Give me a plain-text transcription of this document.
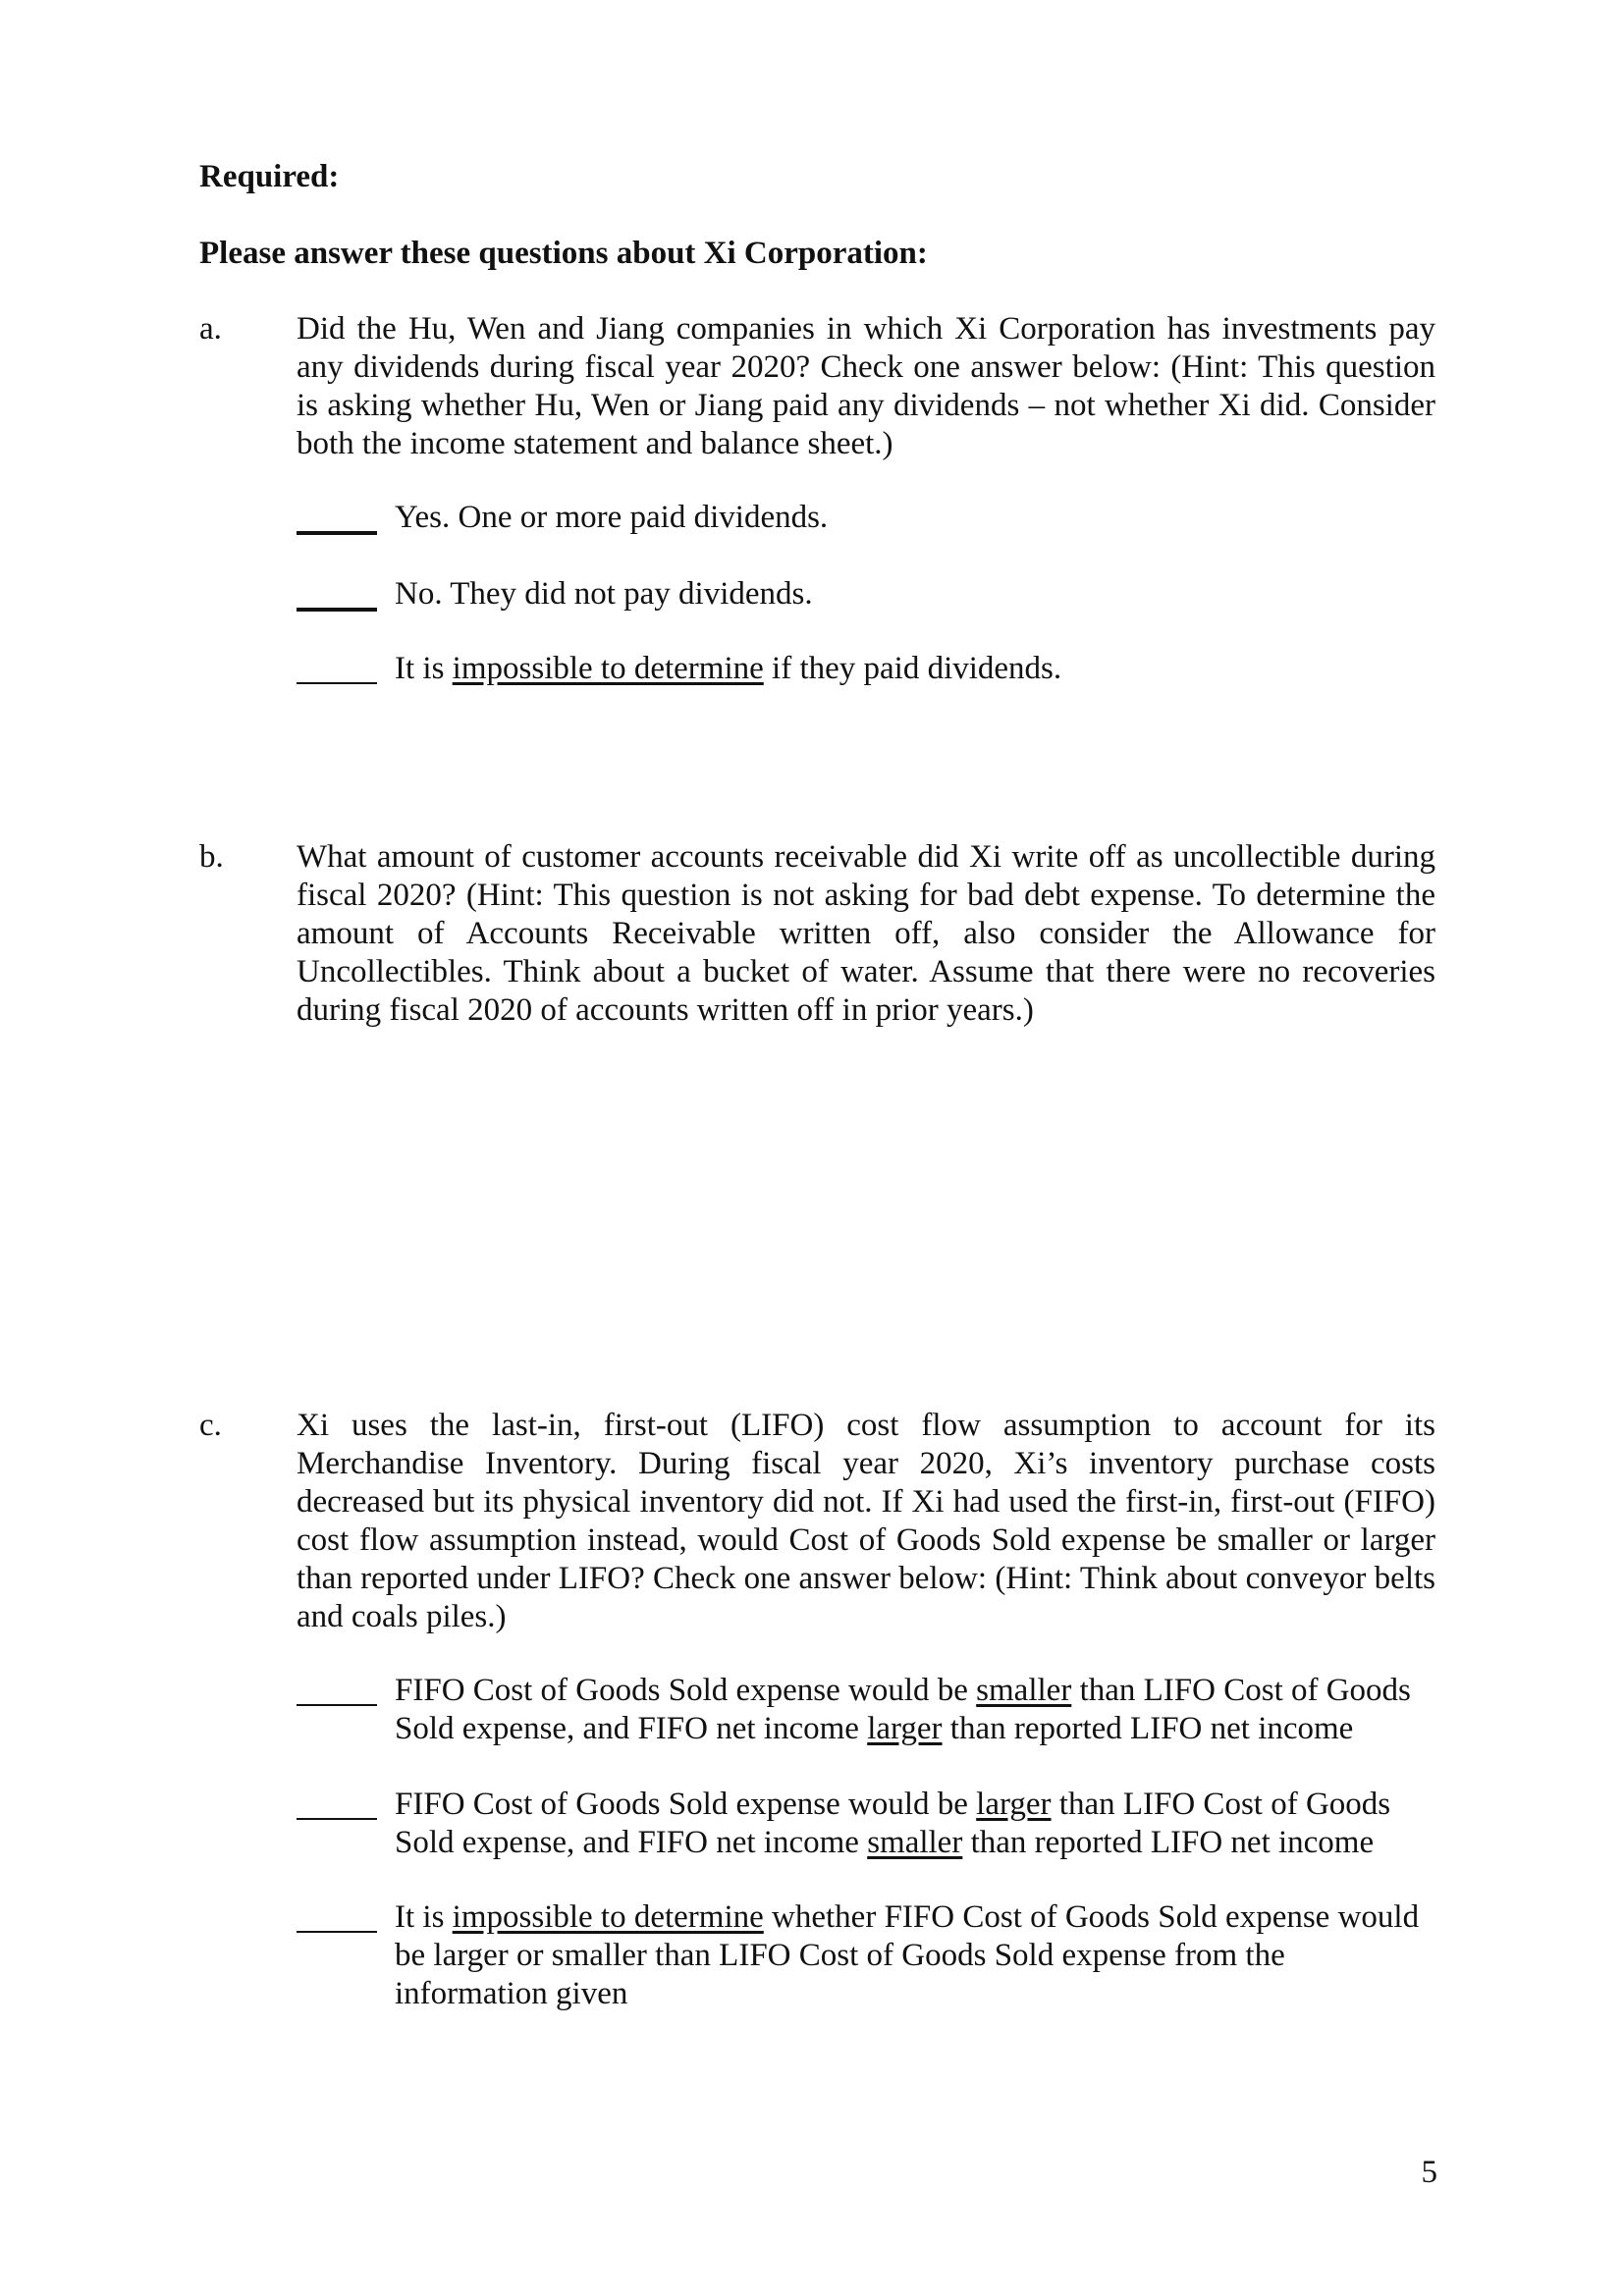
Required:
Please answer these questions about Xi Corporation:
a. Did the Hu, Wen and Jiang companies in which Xi Corporation has investments pay any dividends during fiscal year 2020? Check one answer below: (Hint: This question is asking whether Hu, Wen or Jiang paid any dividends – not whether Xi did. Consider both the income statement and balance sheet.)
Yes. One or more paid dividends.
No. They did not pay dividends.
It is impossible to determine if they paid dividends.
b. What amount of customer accounts receivable did Xi write off as uncollectible during fiscal 2020? (Hint: This question is not asking for bad debt expense. To determine the amount of Accounts Receivable written off, also consider the Allowance for Uncollectibles. Think about a bucket of water. Assume that there were no recoveries during fiscal 2020 of accounts written off in prior years.)
c. Xi uses the last-in, first-out (LIFO) cost flow assumption to account for its Merchandise Inventory. During fiscal year 2020, Xi’s inventory purchase costs decreased but its physical inventory did not. If Xi had used the first-in, first-out (FIFO) cost flow assumption instead, would Cost of Goods Sold expense be smaller or larger than reported under LIFO? Check one answer below: (Hint: Think about conveyor belts and coals piles.)
FIFO Cost of Goods Sold expense would be smaller than LIFO Cost of Goods Sold expense, and FIFO net income larger than reported LIFO net income
FIFO Cost of Goods Sold expense would be larger than LIFO Cost of Goods Sold expense, and FIFO net income smaller than reported LIFO net income
It is impossible to determine whether FIFO Cost of Goods Sold expense would be larger or smaller than LIFO Cost of Goods Sold expense from the information given
5
